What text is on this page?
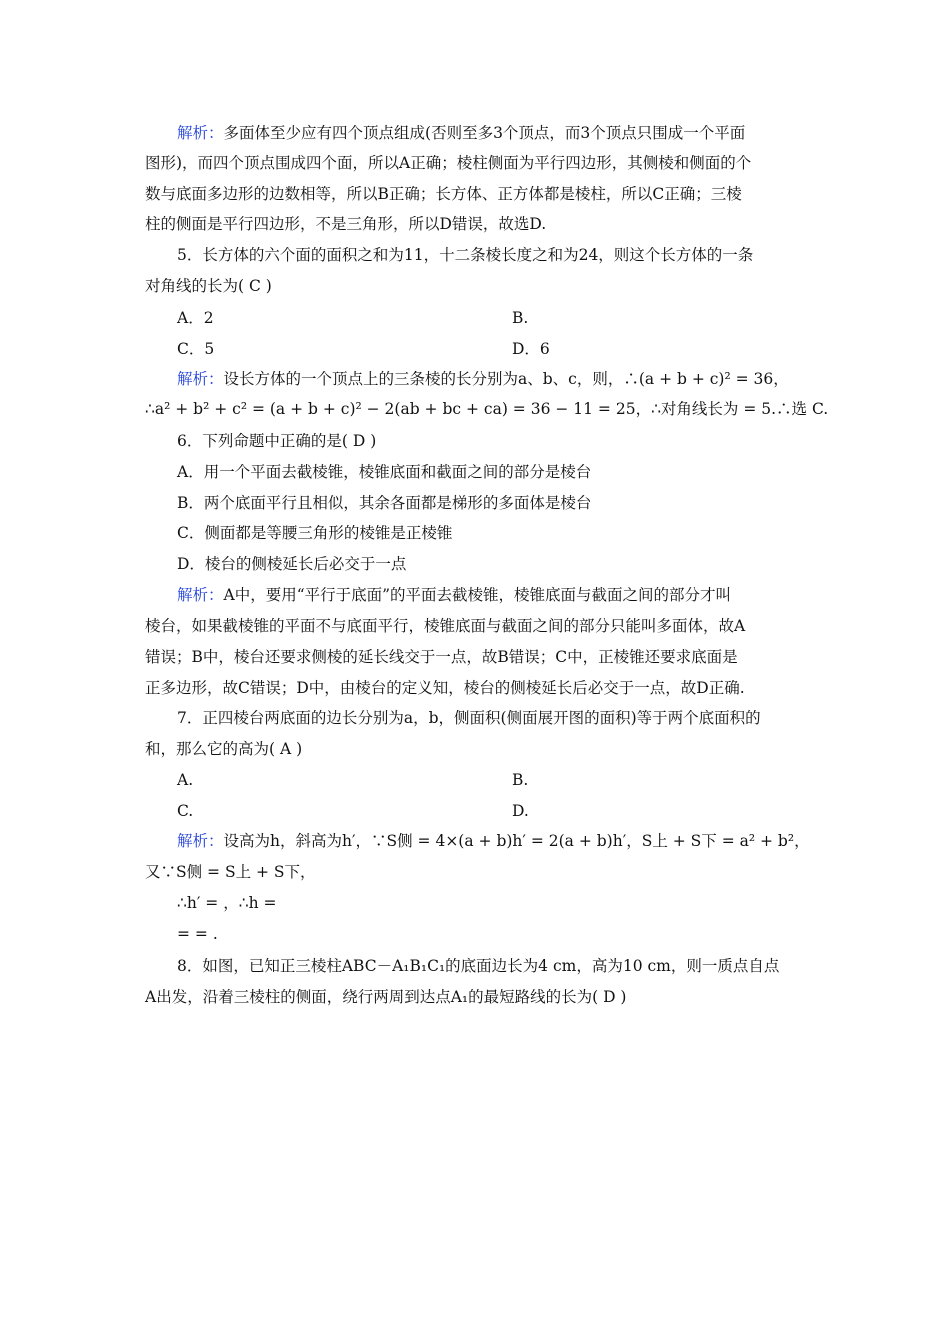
解析：多面体至少应有四个顶点组成(否则至多3个顶点，而3个顶点只围成一个平面
图形)，而四个顶点围成四个面，所以A正确；棱柱侧面为平行四边形，其侧棱和侧面的个
数与底面多边形的边数相等，所以B正确；长方体、正方体都是棱柱，所以C正确；三棱
柱的侧面是平行四边形，不是三角形，所以D错误，故选D.
5．长方体的六个面的面积之和为11，十二条棱长度之和为24，则这个长方体的一条
对角线的长为( C )
A．2	B.
C．5	D．6
解析：设长方体的一个顶点上的三条棱的长分别为a、b、c，则，∴(a + b + c)² = 36，
∴a² + b² + c² = (a + b + c)² − 2(ab + bc + ca) = 36 − 11 = 25，∴对角线长为 = 5.∴选 C.
6．下列命题中正确的是( D )
A．用一个平面去截棱锥，棱锥底面和截面之间的部分是棱台
B．两个底面平行且相似，其余各面都是梯形的多面体是棱台
C．侧面都是等腰三角形的棱锥是正棱锥
D．棱台的侧棱延长后必交于一点
解析：A中，要用“平行于底面”的平面去截棱锥，棱锥底面与截面之间的部分才叫
棱台，如果截棱锥的平面不与底面平行，棱锥底面与截面之间的部分只能叫多面体，故A
错误；B中，棱台还要求侧棱的延长线交于一点，故B错误；C中，正棱锥还要求底面是
正多边形，故C错误；D中，由棱台的定义知，棱台的侧棱延长后必交于一点，故D正确.
7．正四棱台两底面的边长分别为a，b，侧面积(侧面展开图的面积)等于两个底面积的
和，那么它的高为( A )
A.	B.
C.	D.
解析：设高为h，斜高为h′，∵S侧 = 4×(a + b)h′ = 2(a + b)h′，S上 + S下 = a² + b²，
又∵S侧 = S上 + S下，
∴h′ = ，∴h =
= = .
8．如图，已知正三棱柱ABC－A₁B₁C₁的底面边长为4 cm，高为10 cm，则一质点自点
A出发，沿着三棱柱的侧面，绕行两周到达点A₁的最短路线的长为( D )
